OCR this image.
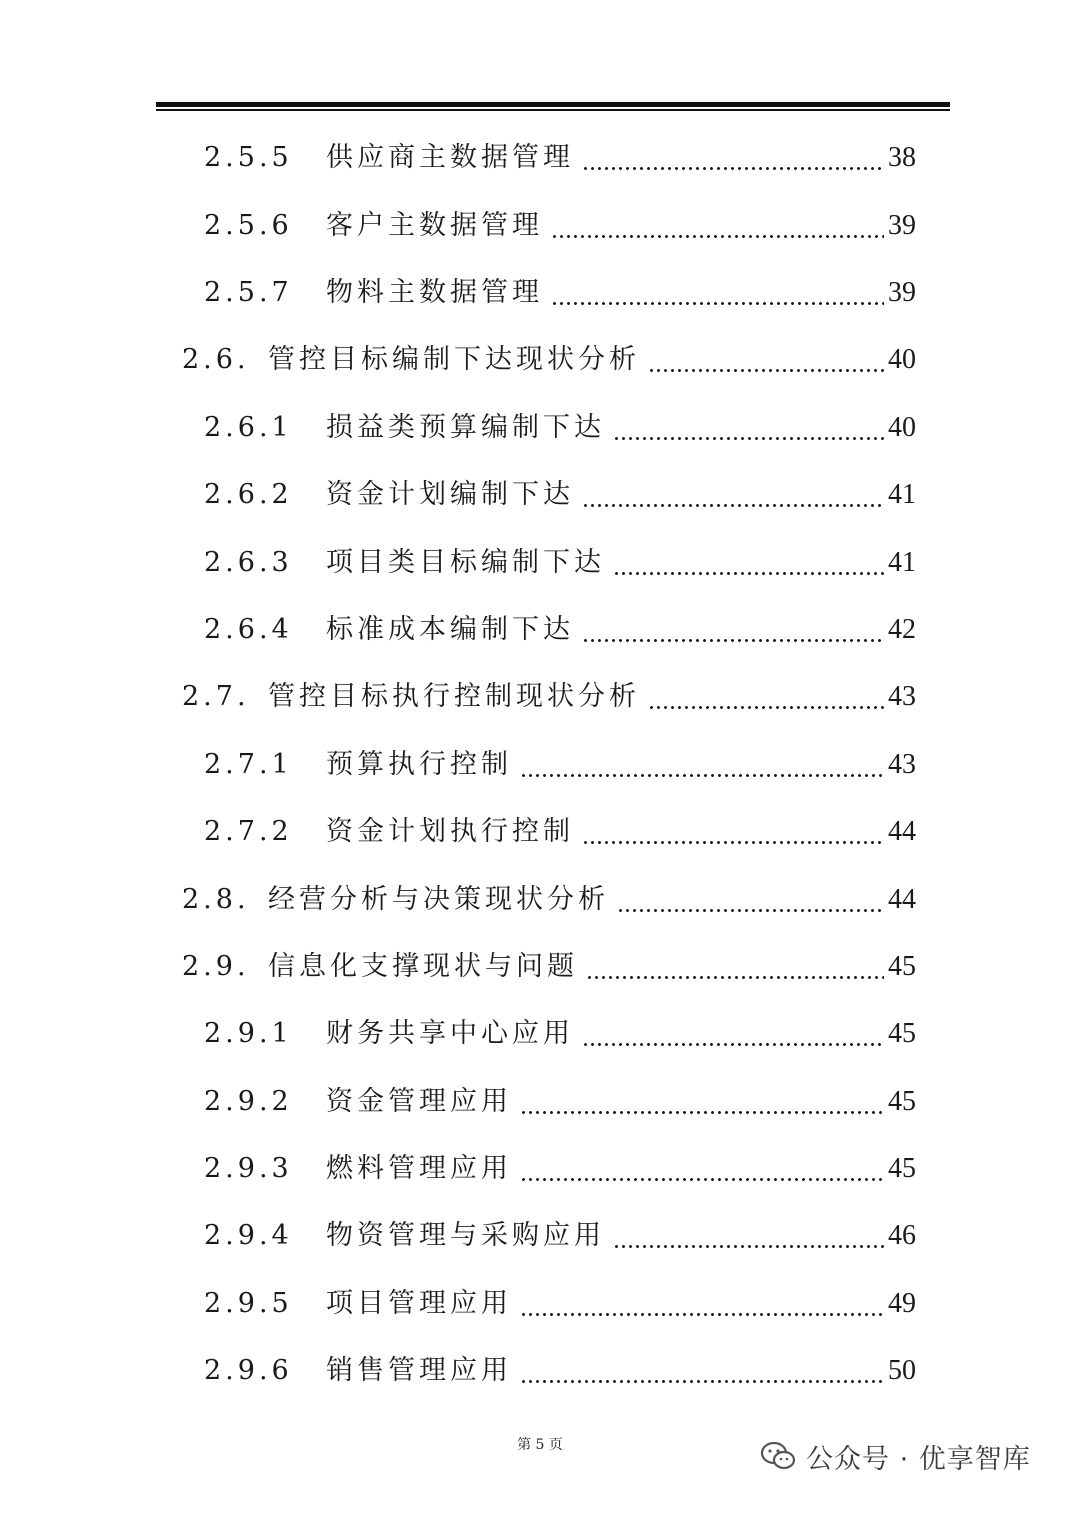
2.5.5	供应商主数据管理	38
2.5.6	客户主数据管理	39
2.5.7	物料主数据管理	39
2.6. 管控目标编制下达现状分析	40
2.6.1	损益类预算编制下达	40
2.6.2	资金计划编制下达	41
2.6.3	项目类目标编制下达	41
2.6.4	标准成本编制下达	42
2.7. 管控目标执行控制现状分析	43
2.7.1	预算执行控制	43
2.7.2	资金计划执行控制	44
2.8. 经营分析与决策现状分析	44
2.9. 信息化支撑现状与问题	45
2.9.1	财务共享中心应用	45
2.9.2	资金管理应用	45
2.9.3	燃料管理应用	45
2.9.4	物资管理与采购应用	46
2.9.5	项目管理应用	49
2.9.6	销售管理应用	50
第 5 页	公众号 · 优享智库
